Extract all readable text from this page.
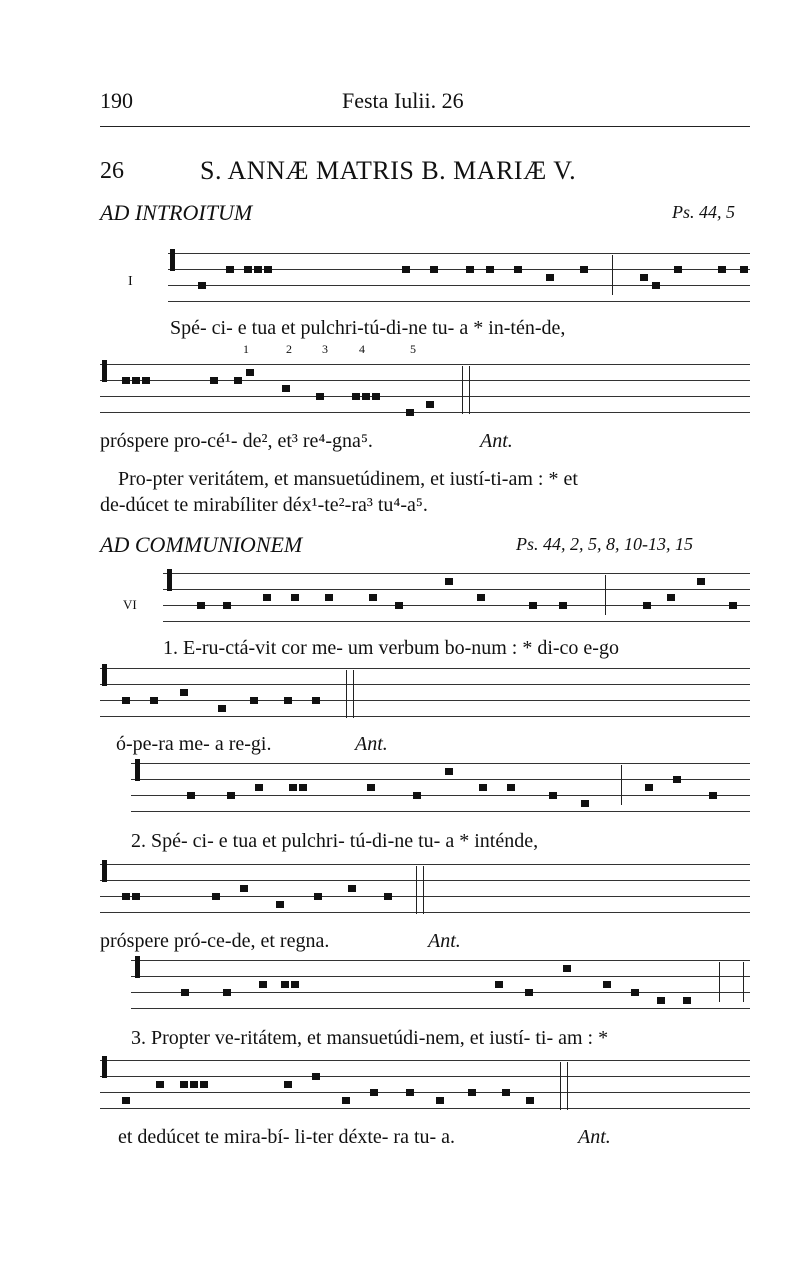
190	Festa Iulii. 26
26	S. ANNÆ MATRIS B. MARIÆ V.
AD INTROITUM	Ps. 44, 5
I
Spé- ci- e tua et pulchri-tú-di-ne tu- a * in-tén-de,
1	2	3	4	5
próspere pro-cé¹- de², et³ re⁴-gna⁵.	Ant.
Pro-pter veritátem, et mansuetúdinem, et iustí-ti-am : * et
de-dúcet te mirabíliter déx¹-te²-ra³ tu⁴-a⁵.
AD COMMUNIONEM	Ps. 44, 2, 5, 8, 10-13, 15
VI
1. E-ru-ctá-vit cor me- um verbum bo-num : * di-co e-go
ó-pe-ra me- a re-gi.	Ant.
2. Spé- ci- e tua et pulchri- tú-di-ne tu- a * inténde,
próspere pró-ce-de, et regna.	Ant.
3. Propter ve-ritátem, et mansuetúdi-nem, et iustí- ti- am : *
et dedúcet te mira-bí- li-ter déxte- ra tu- a.	Ant.
